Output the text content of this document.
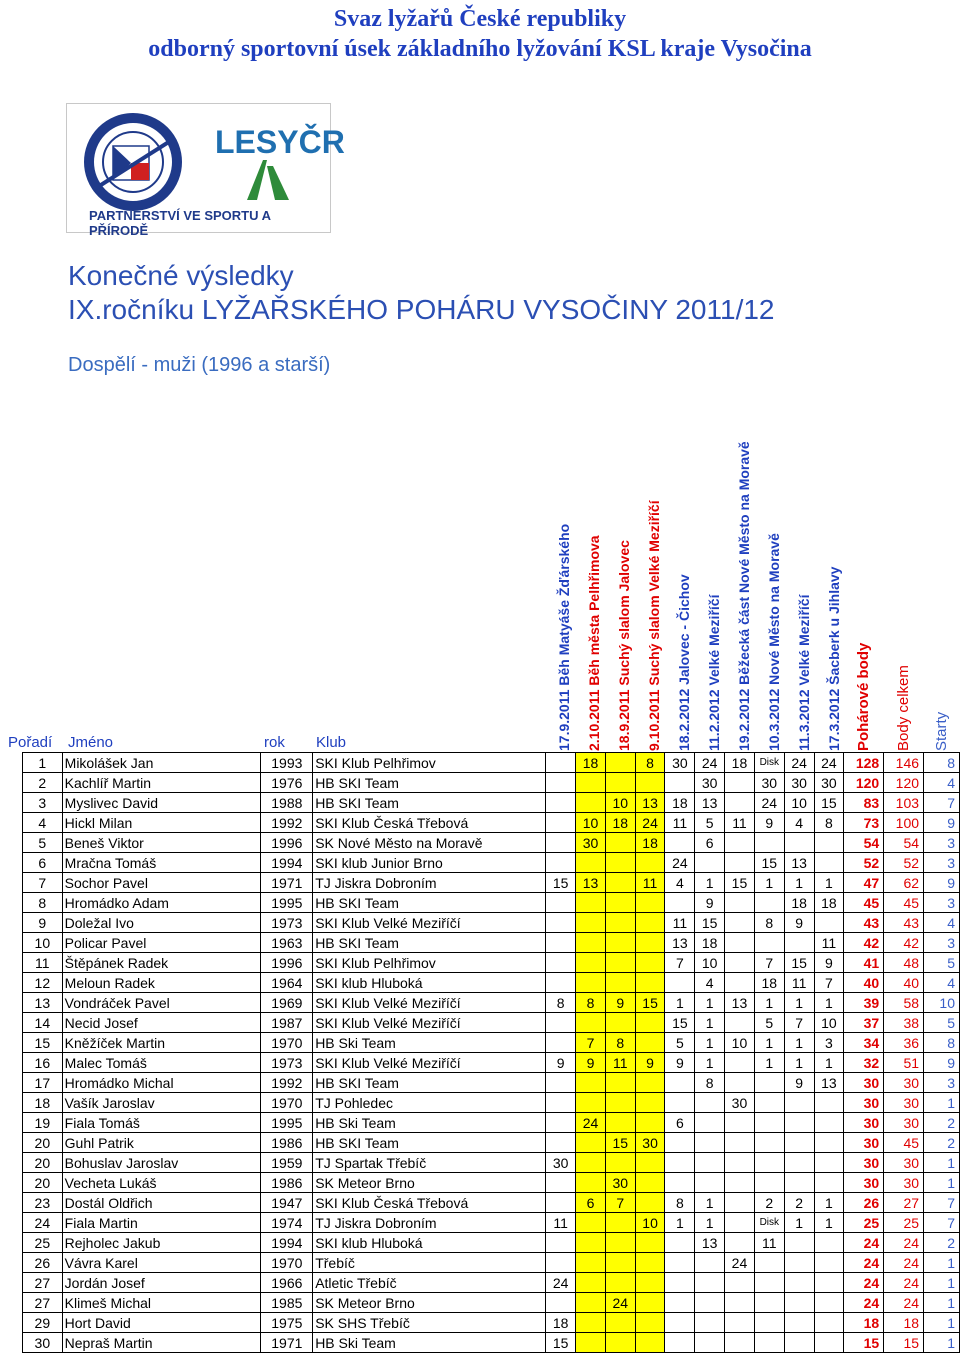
Svaz lyžařů České republiky
odborný sportovní úsek základního lyžování KSL kraje Vysočina
LESYČR
PARTNERSTVÍ VE SPORTU A PŘÍRODĚ
Konečné výsledky
IX.ročníku LYŽAŘSKÉHO POHÁRU VYSOČINY 2011/12
Dospělí - muži (1996 a starší)
Pořadí Jméno	rok Klub	17.9.2011 Běh Matyáše Žďárského 2.10.2011 Běh města Pelhřimova 18.9.2011 Suchý slalom Jalovec 9.10.2011 Suchý slalom Velké Meziříčí 18.2.2012 Jalovec - Čichov 11.2.2012 Velké Meziříčí 19.2.2012 Běžecká část Nové Město na Moravě 10.3.2012 Nové Město na Moravě 11.3.2012 Velké Meziříčí 17.3.2012 Šacberk u Jihlavy Pohárové body Body celkem Starty
1	Mikolášek Jan	1993	SKI Klub Pelhřimov		18		8	30	24	18	Disk	24	24	128	146	8
2	Kachlíř Martin	1976	HB SKI Team						30		30	30	30	120	120	4
3	Myslivec David	1988	HB SKI Team			10	13	18	13		24	10	15	83	103	7
4	Hickl Milan	1992	SKI Klub Česká Třebová		10	18	24	11	5	11	9	4	8	73	100	9
5	Beneš Viktor	1996	SK Nové Město na Moravě		30		18		6					54	54	3
6	Mračna Tomáš	1994	SKI klub Junior Brno					24			15	13		52	52	3
7	Sochor Pavel	1971	TJ Jiskra Dobroním	15	13		11	4	1	15	1	1	1	47	62	9
8	Hromádko Adam	1995	HB SKI Team						9			18	18	45	45	3
9	Doležal Ivo	1973	SKI Klub Velké Meziříčí					11	15		8	9		43	43	4
10	Policar Pavel	1963	HB SKI Team					13	18				11	42	42	3
11	Štěpánek Radek	1996	SKI Klub Pelhřimov					7	10		7	15	9	41	48	5
12	Meloun Radek	1964	SKI klub Hluboká						4		18	11	7	40	40	4
13	Vondráček Pavel	1969	SKI Klub Velké Meziříčí	8	8	9	15	1	1	13	1	1	1	39	58	10
14	Necid Josef	1987	SKI Klub Velké Meziříčí					15	1		5	7	10	37	38	5
15	Kněžíček Martin	1970	HB Ski Team		7	8		5	1	10	1	1	3	34	36	8
16	Malec Tomáš	1973	SKI Klub Velké Meziříčí	9	9	11	9	9	1		1	1	1	32	51	9
17	Hromádko Michal	1992	HB SKI Team						8			9	13	30	30	3
18	Vašík Jaroslav	1970	TJ Pohledec							30				30	30	1
19	Fiala Tomáš	1995	HB Ski Team		24			6						30	30	2
20	Guhl Patrik	1986	HB SKI Team			15	30							30	45	2
20	Bohuslav Jaroslav	1959	TJ Spartak Třebíč	30										30	30	1
20	Vecheta Lukáš	1986	SK Meteor Brno			30								30	30	1
23	Dostál Oldřich	1947	SKI Klub Česká Třebová		6	7		8	1		2	2	1	26	27	7
24	Fiala Martin	1974	TJ Jiskra Dobroním	11			10	1	1		Disk	1	1	25	25	7
25	Rejholec Jakub	1994	SKI klub Hluboká						13		11			24	24	2
26	Vávra Karel	1970	Třebíč							24				24	24	1
27	Jordán Josef	1966	Atletic Třebíč	24										24	24	1
27	Klimeš Michal	1985	SK Meteor Brno			24								24	24	1
29	Hort David	1975	SK SHS Třebíč	18										18	18	1
30	Nepraš Martin	1971	HB Ski Team	15										15	15	1
